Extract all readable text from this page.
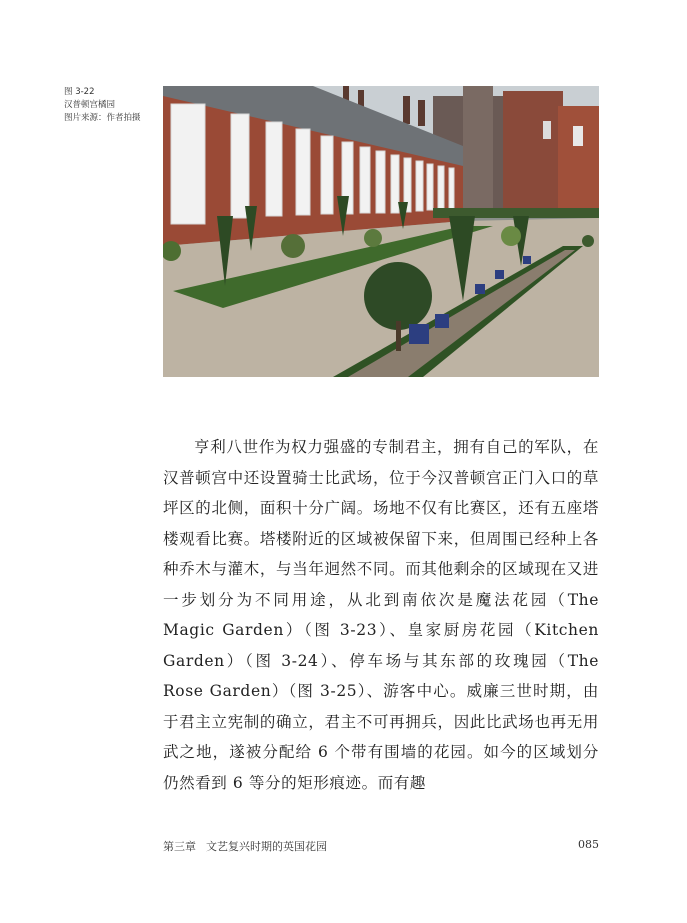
图 3-22
汉普顿宫橘园
图片来源：作者拍摄

亨利八世作为权力强盛的专制君主，拥有自己的军队，在汉普顿宫中还设置骑士比武场，位于今汉普顿宫正门入口的草坪区的北侧，面积十分广阔。场地不仅有比赛区，还有五座塔楼观看比赛。塔楼附近的区域被保留下来，但周围已经种上各种乔木与灌木，与当年迥然不同。而其他剩余的区域现在又进一步划分为不同用途，从北到南依次是魔法花园（The Magic Garden）（图 3-23）、皇家厨房花园（Kitchen Garden）（图 3-24）、停车场与其东部的玫瑰园（The Rose Garden）（图 3-25）、游客中心。威廉三世时期，由于君主立宪制的确立，君主不可再拥兵，因此比武场也再无用武之地，遂被分配给 6 个带有围墙的花园。如今的区域划分仍然看到 6 等分的矩形痕迹。而有趣

第三章 文艺复兴时期的英国花园	085
